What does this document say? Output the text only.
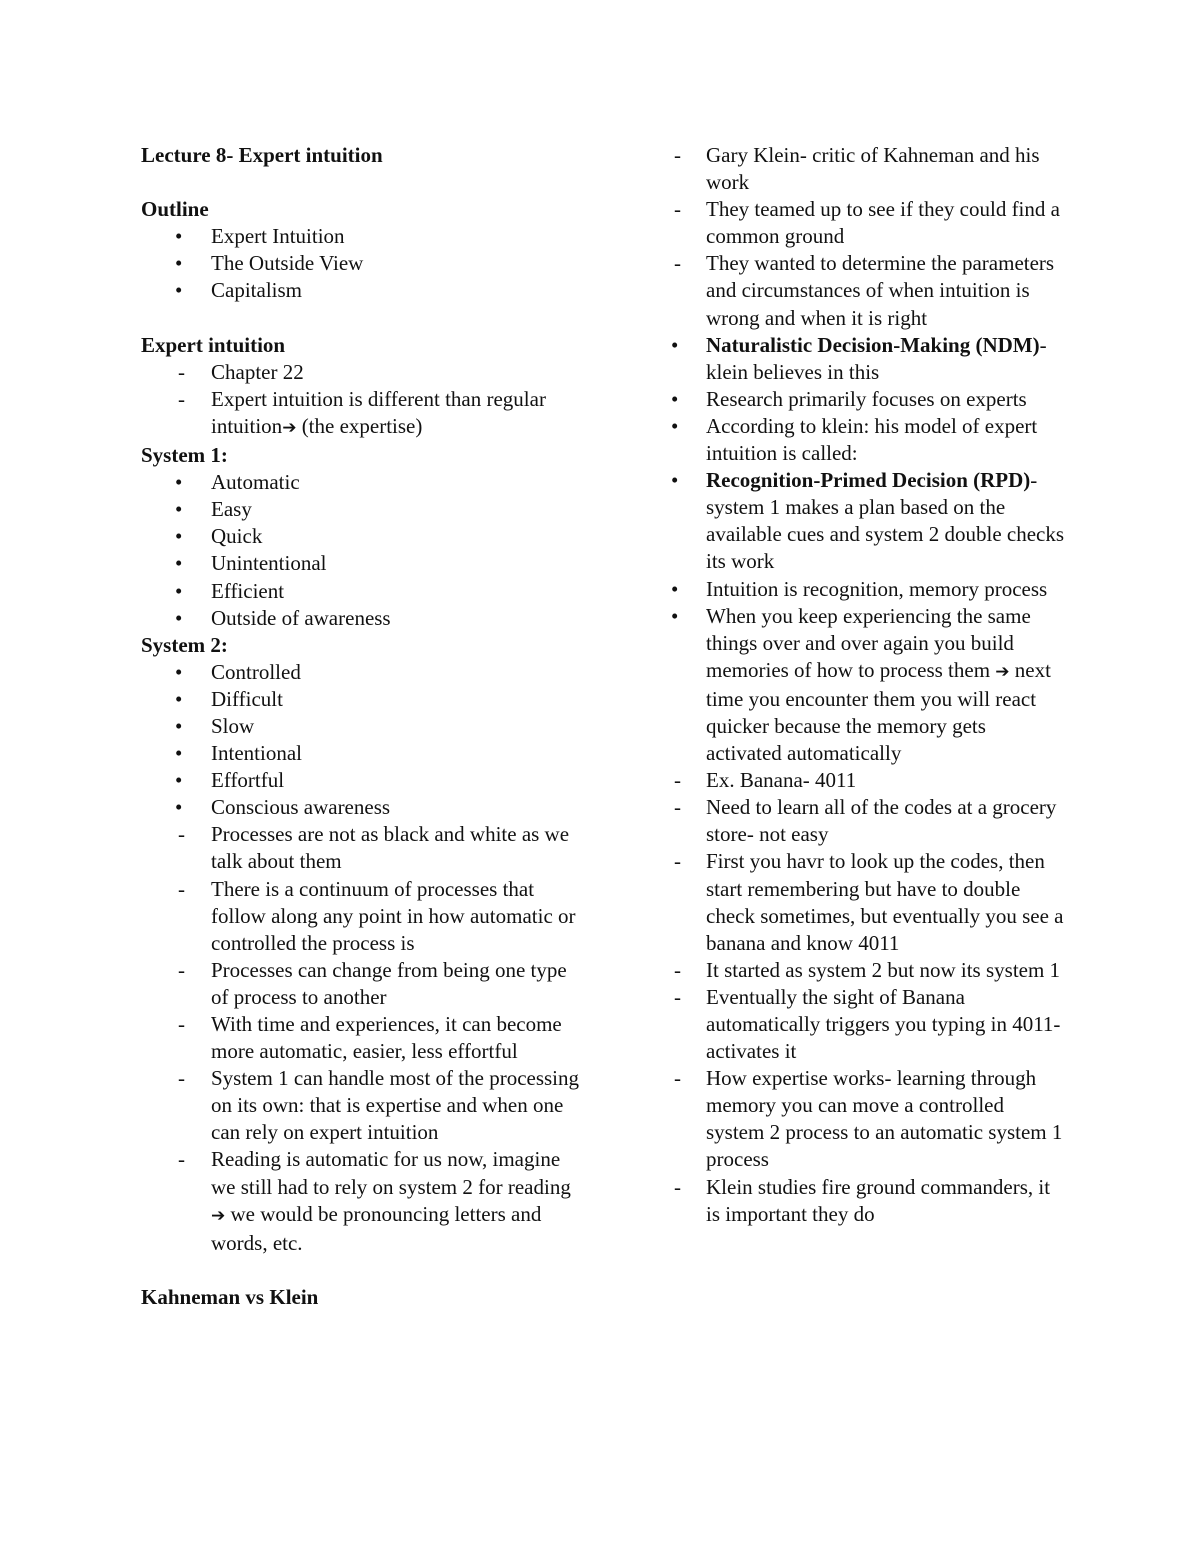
Lecture 8- Expert intuition

Outline

• Expert Intuition
• The Outside View
• Capitalism

Expert intuition

- Chapter 22
- Expert intuition is different than regular intuition➔ (the expertise)

System 1:

• Automatic
• Easy
• Quick
• Unintentional
• Efficient
• Outside of awareness

System 2:

• Controlled
• Difficult
• Slow
• Intentional
• Effortful
• Conscious awareness
- Processes are not as black and white as we talk about them
- There is a continuum of processes that follow along any point in how automatic or controlled the process is
- Processes can change from being one type of process to another
- With time and experiences, it can become more automatic, easier, less effortful
- System 1 can handle most of the processing on its own: that is expertise and when one can rely on expert intuition
- Reading is automatic for us now, imagine we still had to rely on system 2 for reading ➔ we would be pronouncing letters and words, etc.

Kahneman vs Klein

- Gary Klein- critic of Kahneman and his work
- They teamed up to see if they could find a common ground
- They wanted to determine the parameters and circumstances of when intuition is wrong and when it is right
• Naturalistic Decision-Making (NDM)- klein believes in this
• Research primarily focuses on experts
• According to klein: his model of expert intuition is called:
• Recognition-Primed Decision (RPD)- system 1 makes a plan based on the available cues and system 2 double checks its work
• Intuition is recognition, memory process
• When you keep experiencing the same things over and over again you build memories of how to process them ➔ next time you encounter them you will react quicker because the memory gets activated automatically
- Ex. Banana- 4011
- Need to learn all of the codes at a grocery store- not easy
- First you havr to look up the codes, then start remembering but have to double check sometimes, but eventually you see a banana and know 4011
- It started as system 2 but now its system 1
- Eventually the sight of Banana automatically triggers you typing in 4011- activates it
- How expertise works- learning through memory you can move a controlled system 2 process to an automatic system 1 process
- Klein studies fire ground commanders, it is important they do
